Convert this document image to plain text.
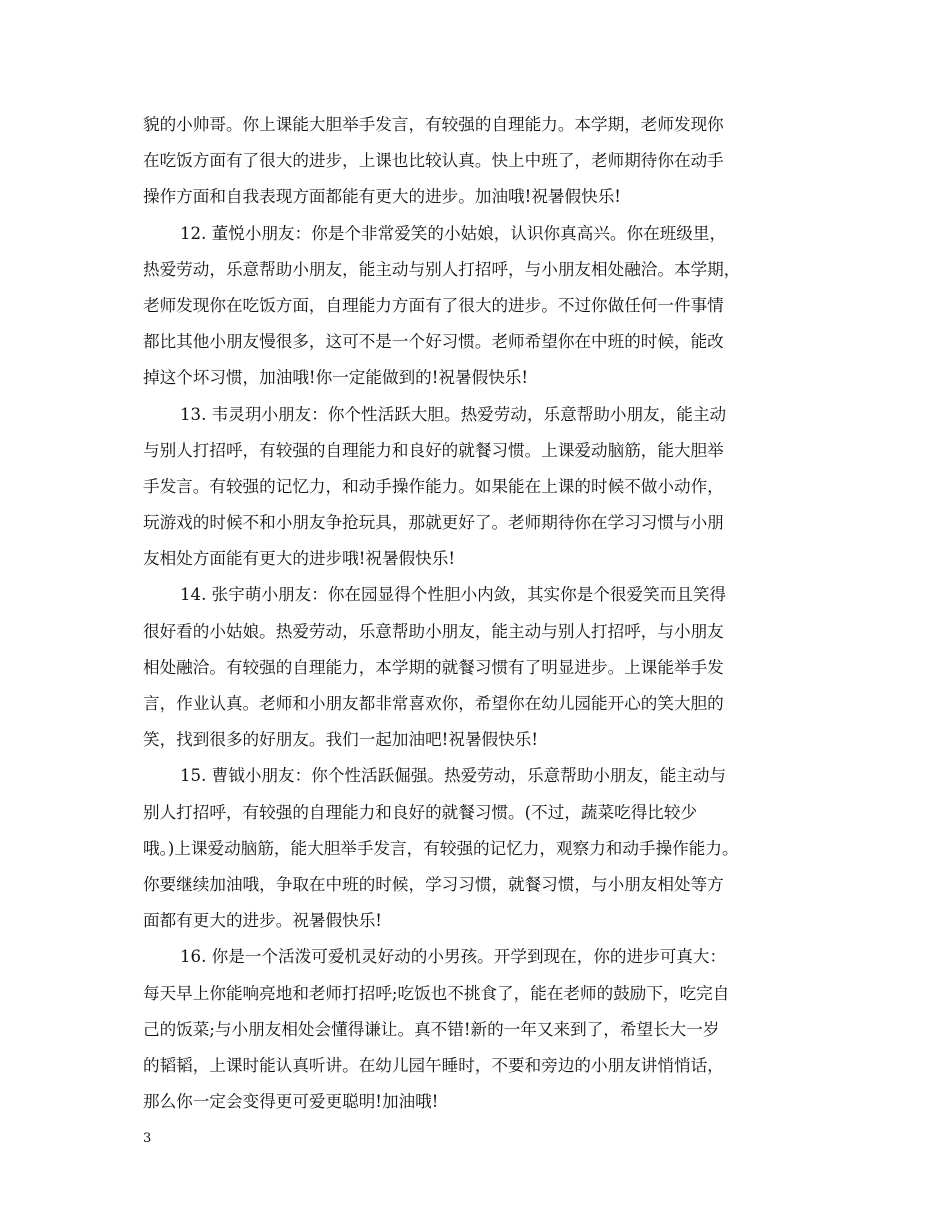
貌的小帅哥。你上课能大胆举手发言，有较强的自理能力。本学期，老师发现你
在吃饭方面有了很大的进步，上课也比较认真。快上中班了，老师期待你在动手
操作方面和自我表现方面都能有更大的进步。加油哦!祝暑假快乐!
12. 董悦小朋友：你是个非常爱笑的小姑娘，认识你真高兴。你在班级里，
热爱劳动，乐意帮助小朋友，能主动与别人打招呼，与小朋友相处融洽。本学期，
老师发现你在吃饭方面，自理能力方面有了很大的进步。不过你做任何一件事情
都比其他小朋友慢很多，这可不是一个好习惯。老师希望你在中班的时候，能改
掉这个坏习惯，加油哦!你一定能做到的!祝暑假快乐!
13. 韦灵玥小朋友：你个性活跃大胆。热爱劳动，乐意帮助小朋友，能主动
与别人打招呼，有较强的自理能力和良好的就餐习惯。上课爱动脑筋，能大胆举
手发言。有较强的记忆力，和动手操作能力。如果能在上课的时候不做小动作，
玩游戏的时候不和小朋友争抢玩具，那就更好了。老师期待你在学习习惯与小朋
友相处方面能有更大的进步哦!祝暑假快乐!
14. 张宇萌小朋友：你在园显得个性胆小内敛，其实你是个很爱笑而且笑得
很好看的小姑娘。热爱劳动，乐意帮助小朋友，能主动与别人打招呼，与小朋友
相处融洽。有较强的自理能力，本学期的就餐习惯有了明显进步。上课能举手发
言，作业认真。老师和小朋友都非常喜欢你，希望你在幼儿园能开心的笑大胆的
笑，找到很多的好朋友。我们一起加油吧!祝暑假快乐!
15. 曹钺小朋友：你个性活跃倔强。热爱劳动，乐意帮助小朋友，能主动与
别人打招呼，有较强的自理能力和良好的就餐习惯。(不过，蔬菜吃得比较少
哦。)上课爱动脑筋，能大胆举手发言，有较强的记忆力，观察力和动手操作能力。
你要继续加油哦，争取在中班的时候，学习习惯，就餐习惯，与小朋友相处等方
面都有更大的进步。祝暑假快乐!
16. 你是一个活泼可爱机灵好动的小男孩。开学到现在，你的进步可真大：
每天早上你能响亮地和老师打招呼;吃饭也不挑食了，能在老师的鼓励下，吃完自
己的饭菜;与小朋友相处会懂得谦让。真不错!新的一年又来到了，希望长大一岁
的韬韬，上课时能认真听讲。在幼儿园午睡时，不要和旁边的小朋友讲悄悄话，
那么你一定会变得更可爱更聪明!加油哦!
3
